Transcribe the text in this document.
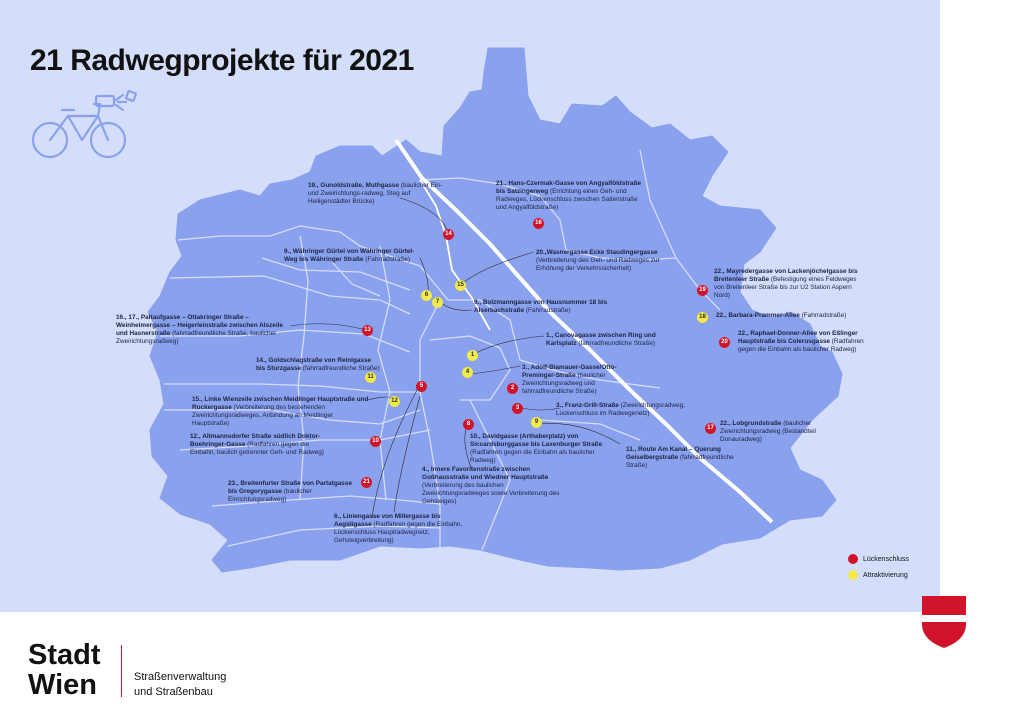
21 Radwegprojekte für 2021
14
16
15
6
7
13
1
4
11
5	2
12
3
9
8
10
21
19
18
20
17
19., Gunoldstraße, Muthgasse (baulicher Ein- und Zweirichtungs-radweg, Steg auf Heiligenstädter Brücke)
21., Hans-Czermak-Gasse von Angyalföldstraße bis Satzingerweg (Errichtung eines Geh- und Radweges, Lückenschluss zwischen Saltenstraße und Angyalföldstraße)
9., Währinger Gürtel von Währinger Gürtel-Weg bis Währinger Straße (Fahrradstraße)
20.,Wasnergasse Ecke Staudingergasse (Verbreiterung des Geh- und Radweges zur Erhöhung der Verkehrssicherheit)
9., Bolzmanngasse von Hausnummer 18 bis Alserbachstraße (Fahrradstraße)
16., 17., Paltaufgasse – Ottakringer Straße – Weinheimergasse – Heigerleinstraße zwischen Alszeile und Hasnerstraße (fahrradfreundliche Straße, baulicher Zweirichtungsradweg)
1., Canovagasse zwischen Ring und Karlsplatz (fahrradfreundliche Straße)
14., Goldschlagstraße von Reinlgasse bis Sturzgasse (fahrradfreundliche Straße)	3., Adolf-Blamauer-Gasse/Otto-Preminger-Straße (baulicher Zweirichtungsradweg und fahrradfreundliche Straße)
15., Linke Wienzeile zwischen Meidlinger Hauptstraße und Ruckergasse (Verbreiterung des bestehenden Zweirichtungsradweges, Anbindung an Meidlinger Hauptstraße)
3., Franz-Grill-Straße (Zweirichtungsradweg, Lückenschluss im Radwegenetz)
12., Altmannsdorfer Straße südlich Doktor-Boehringer-Gasse (Radfahren gegen die Einbahn, baulich getrennter Geh- und Radweg)
10., Davidgasse (Arthaberplatz) von Siccardsburggasse bis Laxenburger Straße (Radfahren gegen die Einbahn als baulicher Radweg)
22., Lobgrundstraße (baulicher Zweirichtungsradweg (Bestandteil Donauradweg)
11., Route Am Kanal – Querung Geiselbergstraße (fahrradfreundliche Straße)
4., Innere Favoritenstraße zwischen Goßhausstraße und Wiedner Hauptstraße (Verbreiterung des baulichen Zweirichtungsradweges sowie Verbreiterung des Gehsteiges)
23., Breitenfurter Straße von Partatgasse bis Gregorygasse (baulicher Einrichtungsradweg)
6., Liniengasse von Millergasse bis Aegidigasse (Radfahren gegen die Einbahn, Lückenschluss Hauptradwegnetz, Gehsteigverbreitung)
22., Mayredergasse von Lackenjöchelgasse bis Breitenleer Straße (Befestigung eines Feldweges von Breitenleer Straße bis zur U2 Station Aspern Nord)
22., Barbara-Prammer-Allee (Fahrradstraße)
22., Raphael-Donner-Allee von Eßlinger Hauptstraße bis Colerusgasse (Radfahren gegen die Einbahn als baulicher Radweg)
Lückenschluss
Attraktivierung
Stadt
Wien	Straßenverwaltung
und Straßenbau
